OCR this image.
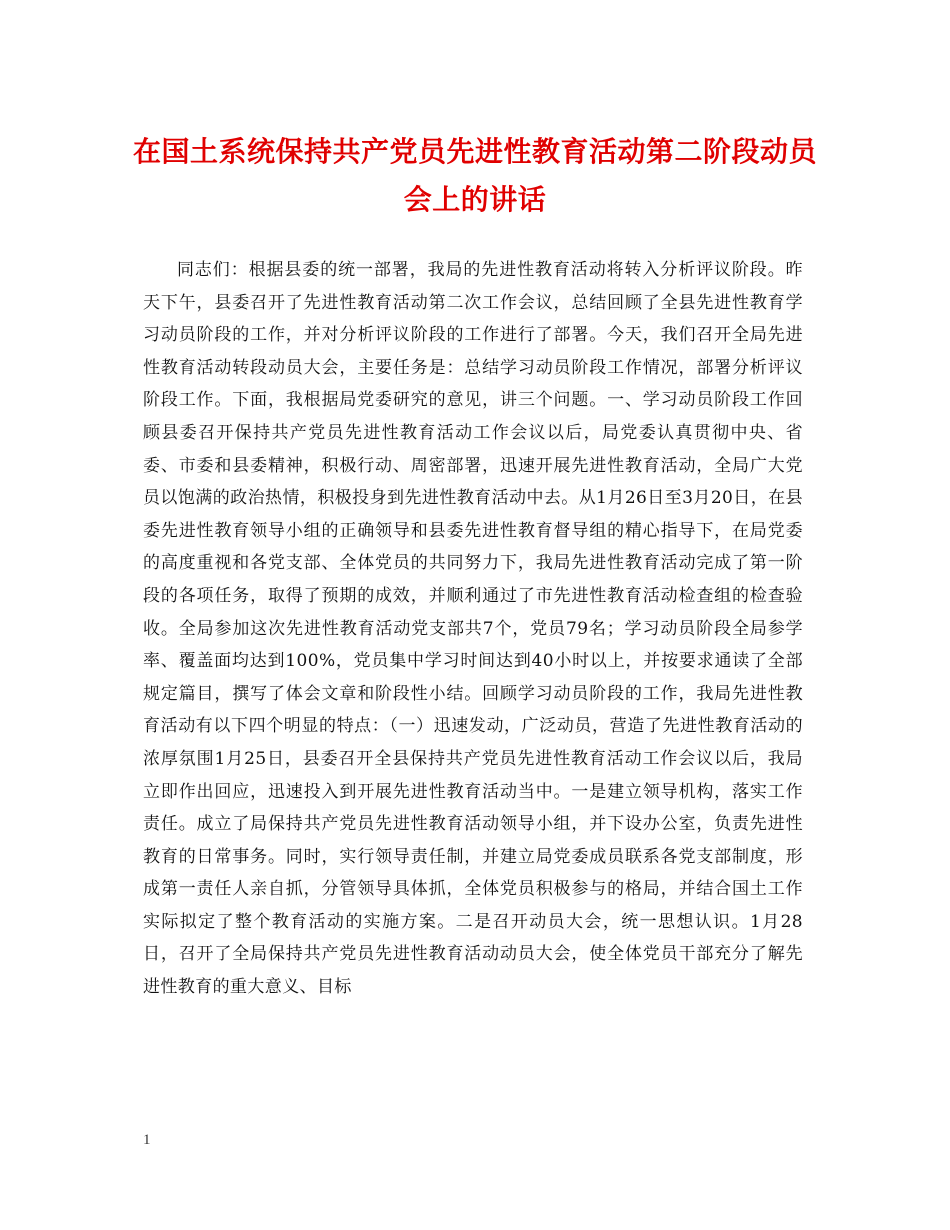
在国土系统保持共产党员先进性教育活动第二阶段动员会上的讲话

同志们：根据县委的统一部署，我局的先进性教育活动将转入分析评议阶段。昨天下午，县委召开了先进性教育活动第二次工作会议，总结回顾了全县先进性教育学习动员阶段的工作，并对分析评议阶段的工作进行了部署。今天，我们召开全局先进性教育活动转段动员大会，主要任务是：总结学习动员阶段工作情况，部署分析评议阶段工作。下面，我根据局党委研究的意见，讲三个问题。一、学习动员阶段工作回顾县委召开保持共产党员先进性教育活动工作会议以后，局党委认真贯彻中央、省委、市委和县委精神，积极行动、周密部署，迅速开展先进性教育活动，全局广大党员以饱满的政治热情，积极投身到先进性教育活动中去。从1月26日至3月20日，在县委先进性教育领导小组的正确领导和县委先进性教育督导组的精心指导下，在局党委的高度重视和各党支部、全体党员的共同努力下，我局先进性教育活动完成了第一阶段的各项任务，取得了预期的成效，并顺利通过了市先进性教育活动检查组的检查验收。全局参加这次先进性教育活动党支部共7个，党员79名；学习动员阶段全局参学率、覆盖面均达到100%，党员集中学习时间达到40小时以上，并按要求通读了全部规定篇目，撰写了体会文章和阶段性小结。回顾学习动员阶段的工作，我局先进性教育活动有以下四个明显的特点：（一）迅速发动，广泛动员，营造了先进性教育活动的浓厚氛围1月25日，县委召开全县保持共产党员先进性教育活动工作会议以后，我局立即作出回应，迅速投入到开展先进性教育活动当中。一是建立领导机构，落实工作责任。成立了局保持共产党员先进性教育活动领导小组，并下设办公室，负责先进性教育的日常事务。同时，实行领导责任制，并建立局党委成员联系各党支部制度，形成第一责任人亲自抓，分管领导具体抓，全体党员积极参与的格局，并结合国土工作实际拟定了整个教育活动的实施方案。二是召开动员大会，统一思想认识。1月28日，召开了全局保持共产党员先进性教育活动动员大会，使全体党员干部充分了解先进性教育的重大意义、目标

1
